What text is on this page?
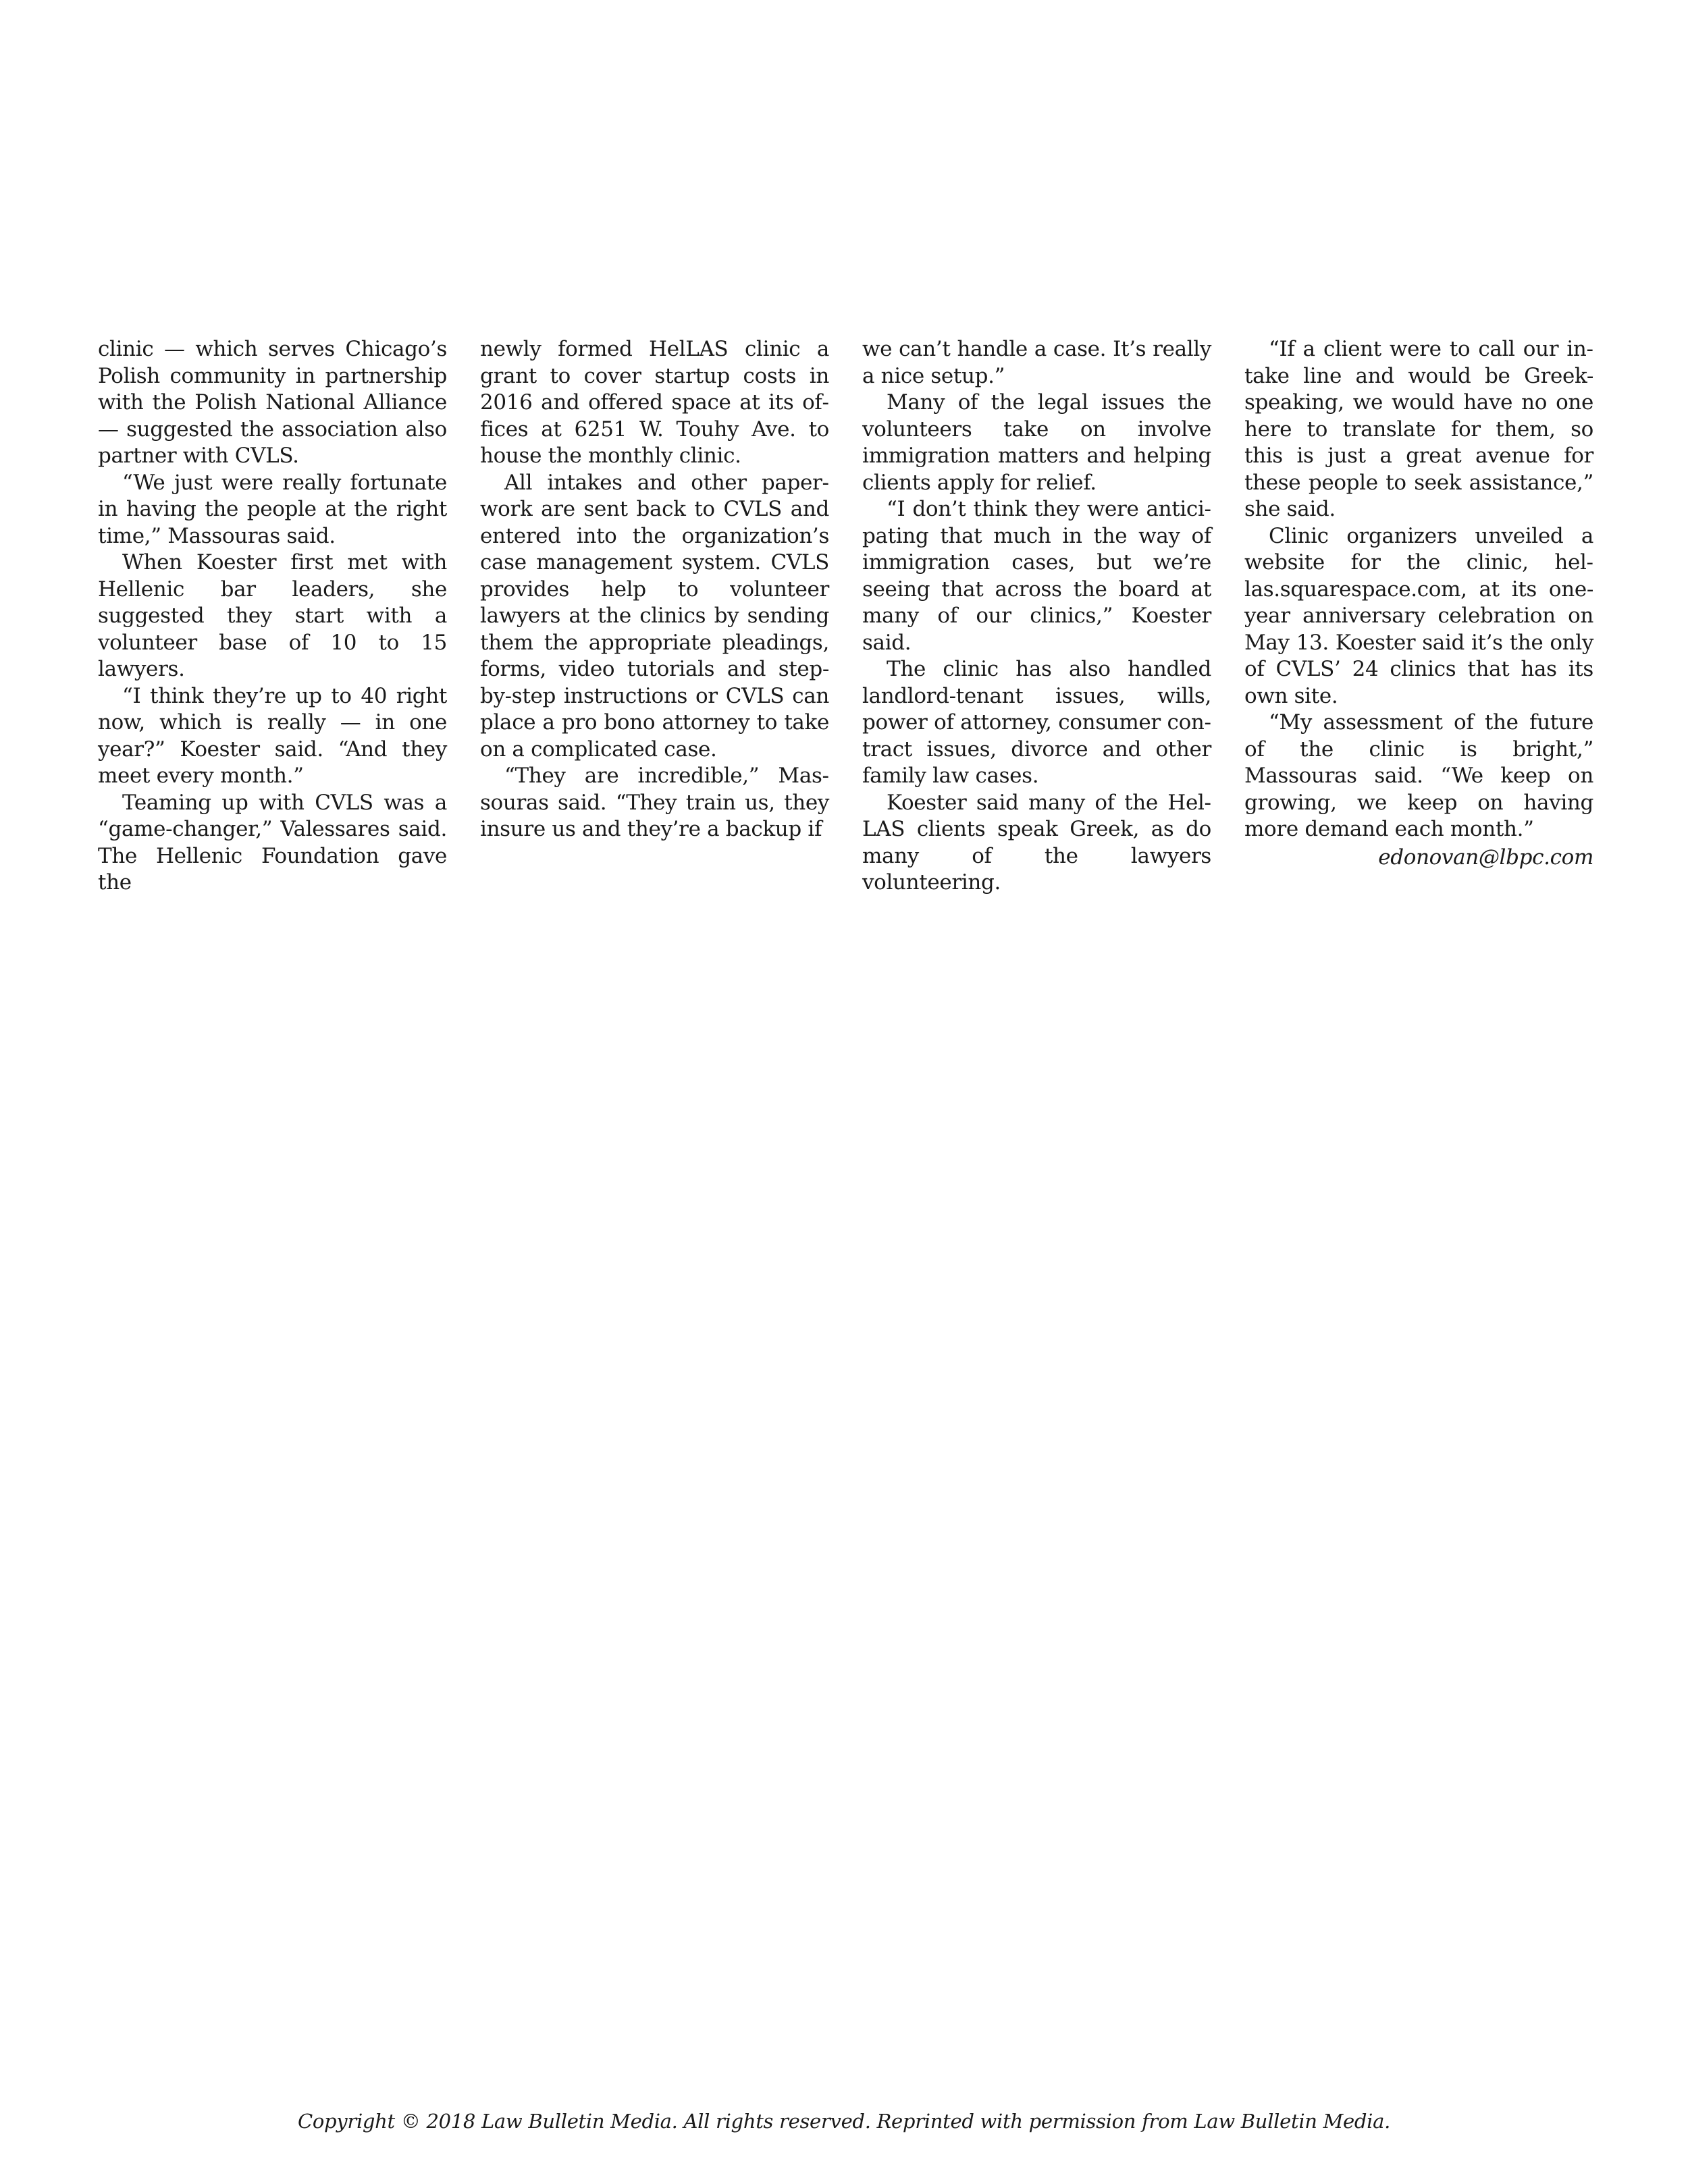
clinic — which serves Chicago’s Polish community in partnership with the Polish National Alliance — suggested the association also partner with CVLS.

“We just were really fortunate in having the people at the right time,” Massouras said.

When Koester first met with Hellenic bar leaders, she suggested they start with a volunteer base of 10 to 15 lawyers.

“I think they’re up to 40 right now, which is really — in one year?” Koester said. “And they meet every month.”

Teaming up with CVLS was a “game-changer,” Valessares said. The Hellenic Foundation gave the

newly formed HelLAS clinic a grant to cover startup costs in 2016 and offered space at its offices at 6251 W. Touhy Ave. to house the monthly clinic.

All intakes and other paperwork are sent back to CVLS and entered into the organization’s case management system. CVLS provides help to volunteer lawyers at the clinics by sending them the appropriate pleadings, forms, video tutorials and step-by-step instructions or CVLS can place a pro bono attorney to take on a complicated case.

“They are incredible,” Massouras said. “They train us, they insure us and they’re a backup if

we can’t handle a case. It’s really a nice setup.”

Many of the legal issues the volunteers take on involve immigration matters and helping clients apply for relief.

“I don’t think they were anticipating that much in the way of immigration cases, but we’re seeing that across the board at many of our clinics,” Koester said.

The clinic has also handled landlord-tenant issues, wills, power of attorney, consumer contract issues, divorce and other family law cases.

Koester said many of the HelLAS clients speak Greek, as do many of the lawyers volunteering.

“If a client were to call our intake line and would be Greek-speaking, we would have no one here to translate for them, so this is just a great avenue for these people to seek assistance,” she said.

Clinic organizers unveiled a website for the clinic, hellas.squarespace.com, at its one-year anniversary celebration on May 13. Koester said it’s the only of CVLS’ 24 clinics that has its own site.

“My assessment of the future of the clinic is bright,” Massouras said. “We keep on growing, we keep on having more demand each month.”

edonovan@lbpc.com

Copyright © 2018 Law Bulletin Media. All rights reserved. Reprinted with permission from Law Bulletin Media.
